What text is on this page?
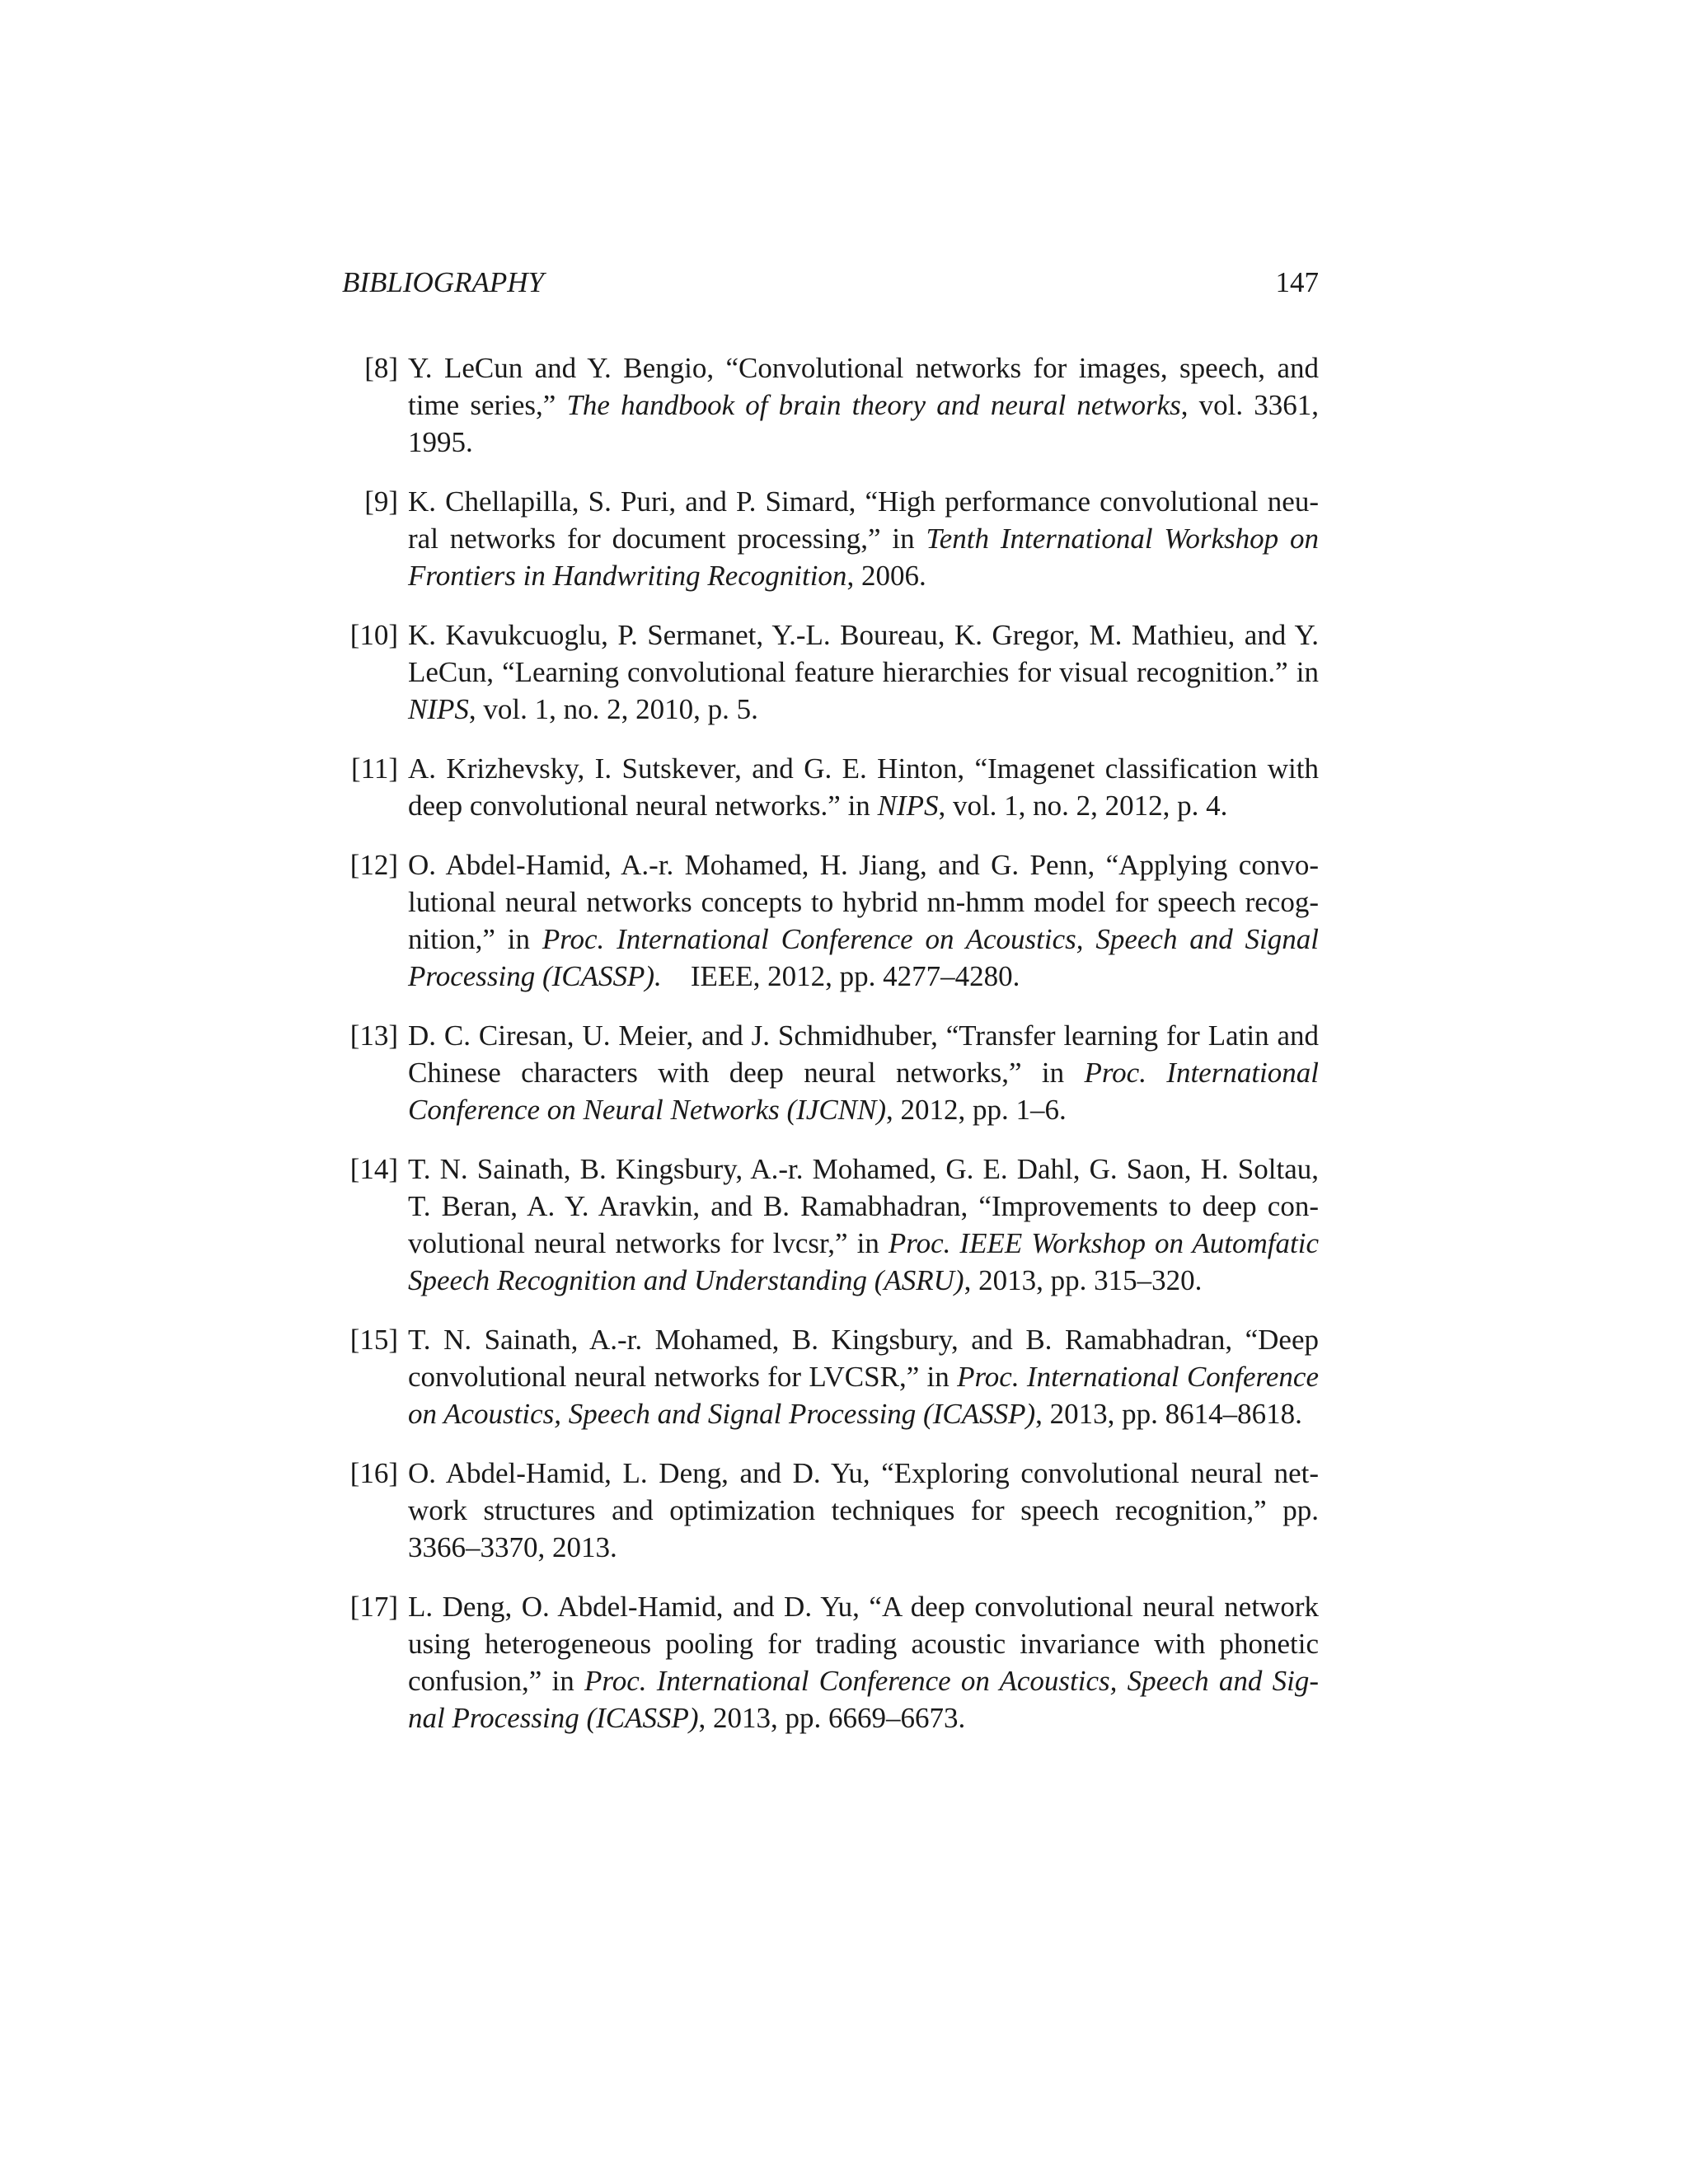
BIBLIOGRAPHY	147
[8] Y. LeCun and Y. Bengio, “Convolutional networks for images, speech, and time series,” The handbook of brain theory and neural networks, vol. 3361, 1995.
[9] K. Chellapilla, S. Puri, and P. Simard, “High performance convolutional neural networks for document processing,” in Tenth International Workshop on Frontiers in Handwriting Recognition, 2006.
[10] K. Kavukcuoglu, P. Sermanet, Y.-L. Boureau, K. Gregor, M. Mathieu, and Y. LeCun, “Learning convolutional feature hierarchies for visual recognition.” in NIPS, vol. 1, no. 2, 2010, p. 5.
[11] A. Krizhevsky, I. Sutskever, and G. E. Hinton, “Imagenet classification with deep convolutional neural networks.” in NIPS, vol. 1, no. 2, 2012, p. 4.
[12] O. Abdel-Hamid, A.-r. Mohamed, H. Jiang, and G. Penn, “Applying convolutional neural networks concepts to hybrid nn-hmm model for speech recognition,” in Proc. International Conference on Acoustics, Speech and Signal Processing (ICASSP). IEEE, 2012, pp. 4277–4280.
[13] D. C. Ciresan, U. Meier, and J. Schmidhuber, “Transfer learning for Latin and Chinese characters with deep neural networks,” in Proc. International Conference on Neural Networks (IJCNN), 2012, pp. 1–6.
[14] T. N. Sainath, B. Kingsbury, A.-r. Mohamed, G. E. Dahl, G. Saon, H. Soltau, T. Beran, A. Y. Aravkin, and B. Ramabhadran, “Improvements to deep convolutional neural networks for lvcsr,” in Proc. IEEE Workshop on Automfatic Speech Recognition and Understanding (ASRU), 2013, pp. 315–320.
[15] T. N. Sainath, A.-r. Mohamed, B. Kingsbury, and B. Ramabhadran, “Deep convolutional neural networks for LVCSR,” in Proc. International Conference on Acoustics, Speech and Signal Processing (ICASSP), 2013, pp. 8614–8618.
[16] O. Abdel-Hamid, L. Deng, and D. Yu, “Exploring convolutional neural network structures and optimization techniques for speech recognition,” pp. 3366–3370, 2013.
[17] L. Deng, O. Abdel-Hamid, and D. Yu, “A deep convolutional neural network using heterogeneous pooling for trading acoustic invariance with phonetic confusion,” in Proc. International Conference on Acoustics, Speech and Signal Processing (ICASSP), 2013, pp. 6669–6673.
